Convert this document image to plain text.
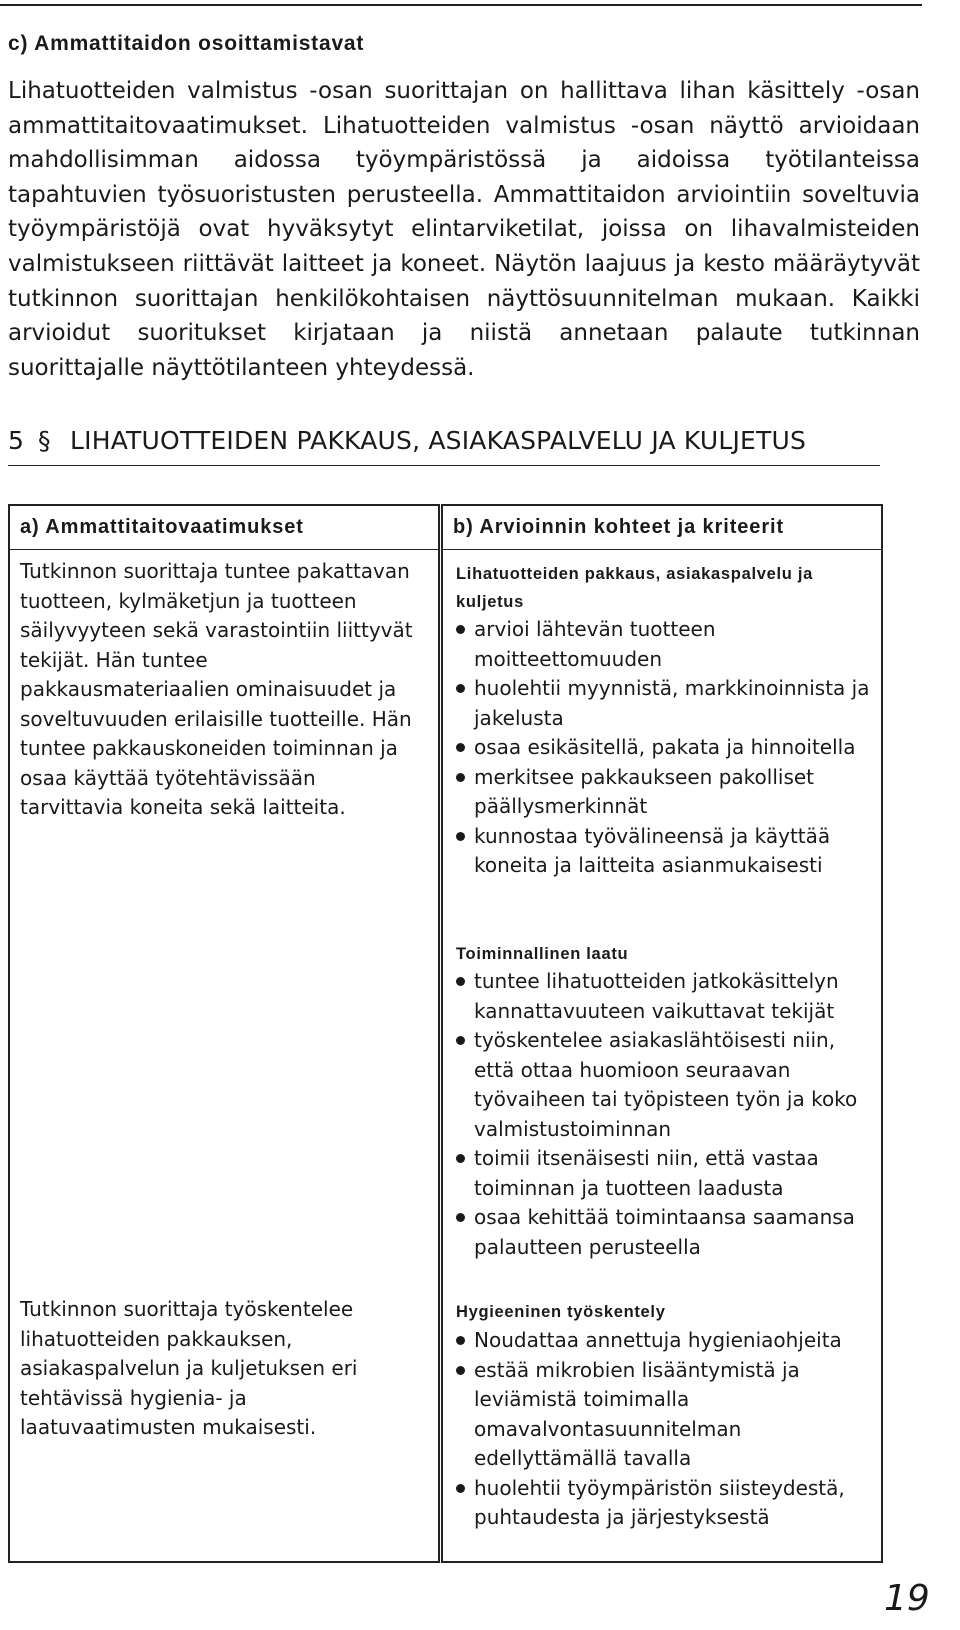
c) Ammattitaidon osoittamistavat

Lihatuotteiden valmistus -osan suorittajan on hallittava lihan käsittely -osan ammattitaitovaatimukset. Lihatuotteiden valmistus -osan näyttö arvioidaan mahdollisimman aidossa työympäristössä ja aidoissa työtilanteissa tapahtuvien työsuoristusten perusteella. Ammattitaidon arviointiin soveltuvia työympäristöjä ovat hyväksytyt elintarviketilat, joissa on lihavalmisteiden valmistukseen riittävät laitteet ja koneet. Näytön laajuus ja kesto määräytyvät tutkinnon suorittajan henkilökohtaisen näyttösuunnitelman mukaan. Kaikki arvioidut suoritukset kirjataan ja niistä annetaan palaute tutkinnan suorittajalle näyttötilanteen yhteydessä.

5 § LIHATUOTTEIDEN PAKKAUS, ASIAKASPALVELU JA KULJETUS
a) Ammattitaitovaatimukset

Tutkinnon suorittaja tuntee pakattavan tuotteen, kylmäketjun ja tuotteen säilyvyyteen sekä varastointiin liittyvät tekijät. Hän tuntee pakkausmateriaalien ominaisuudet ja soveltuvuuden erilaisille tuotteille. Hän tuntee pakkauskoneiden toiminnan ja osaa käyttää työtehtävissään tarvittavia koneita sekä laitteita.

Tutkinnon suorittaja työskentelee lihatuotteiden pakkauksen, asiakaspalvelun ja kuljetuksen eri tehtävissä hygienia- ja laatuvaatimusten mukaisesti.

b) Arvioinnin kohteet ja kriteerit
Lihatuotteiden pakkaus, asiakaspalvelu ja kuljetus
arvioi lähtevän tuotteen moitteettomuuden
huolehtii myynnistä, markkinoinnista ja jakelusta
osaa esikäsitellä, pakata ja hinnoitella
merkitsee pakkaukseen pakolliset päällysmerkinnät
kunnostaa työvälineensä ja käyttää koneita ja laitteita asianmukaisesti
Toiminnallinen laatu
tuntee lihatuotteiden jatkokäsittelyn kannattavuuteen vaikuttavat tekijät
työskentelee asiakaslähtöisesti niin, että ottaa huomioon seuraavan työvaiheen tai työpisteen työn ja koko valmistustoiminnan
toimii itsenäisesti niin, että vastaa toiminnan ja tuotteen laadusta
osaa kehittää toimintaansa saamansa palautteen perusteella
Hygieeninen työskentely
Noudattaa annettuja hygieniaohjeita
estää mikrobien lisääntymistä ja leviämistä toimimalla omavalvontasuunnitelman edellyttämällä tavalla
huolehtii työympäristön siisteydestä, puhtaudesta ja järjestyksestä
19
